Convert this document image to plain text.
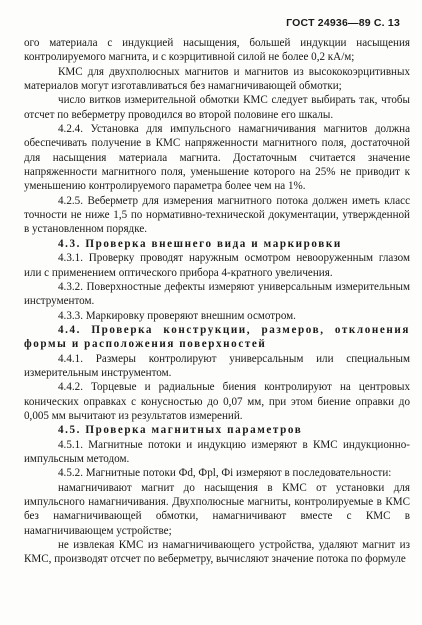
ГОСТ 24936—89 С. 13

ого материала с индукцией насыщения, большей индукции насыщения контролируемого магнита, и с коэрцитивной силой не более 0,2 кА/м;

КМС для двухполюсных магнитов и магнитов из высококоэрцитивных материалов могут изготавливаться без намагничивающей обмотки;

число витков измерительной обмотки КМС следует выбирать так, чтобы отсчет по веберметру проводился во второй половине его шкалы.

4.2.4. Установка для импульсного намагничивания магнитов должна обеспечивать получение в КМС напряженности магнитного поля, достаточной для насыщения материала магнита. Достаточным считается значение напряженности магнитного поля, уменьшение которого на 25% не приводит к уменьшению контролируемого параметра более чем на 1%.

4.2.5. Веберметр для измерения магнитного потока должен иметь класс точности не ниже 1,5 по нормативно-технической документации, утвержденной в установленном порядке.

4.3. Проверка внешнего вида и маркировки

4.3.1. Проверку проводят наружным осмотром невооруженным глазом или с применением оптического прибора 4-кратного увеличения.

4.3.2. Поверхностные дефекты измеряют универсальным измерительным инструментом.

4.3.3. Маркировку проверяют внешним осмотром.

4.4. Проверка конструкции, размеров, отклонения формы и расположения поверхностей

4.4.1. Размеры контролируют универсальным или специальным измерительным инструментом.

4.4.2. Торцевые и радиальные биения контролируют на центровых конических оправках с конусностью до 0,07 мм, при этом биение оправки до 0,005 мм вычитают из результатов измерений.

4.5. Проверка магнитных параметров

4.5.1. Магнитные потоки и индукцию измеряют в КМС индукционно-импульсным методом.

4.5.2. Магнитные потоки Фd, Фpl, Фi измеряют в последовательности:

намагничивают магнит до насыщения в КМС от установки для импульсного намагничивания. Двухполюсные магниты, контролируемые в КМС без намагничивающей обмотки, намагничивают вместе с КМС в намагничивающем устройстве;

не извлекая КМС из намагничивающего устройства, удаляют магнит из КМС, производят отсчет по веберметру, вычисляют значение потока по формуле
